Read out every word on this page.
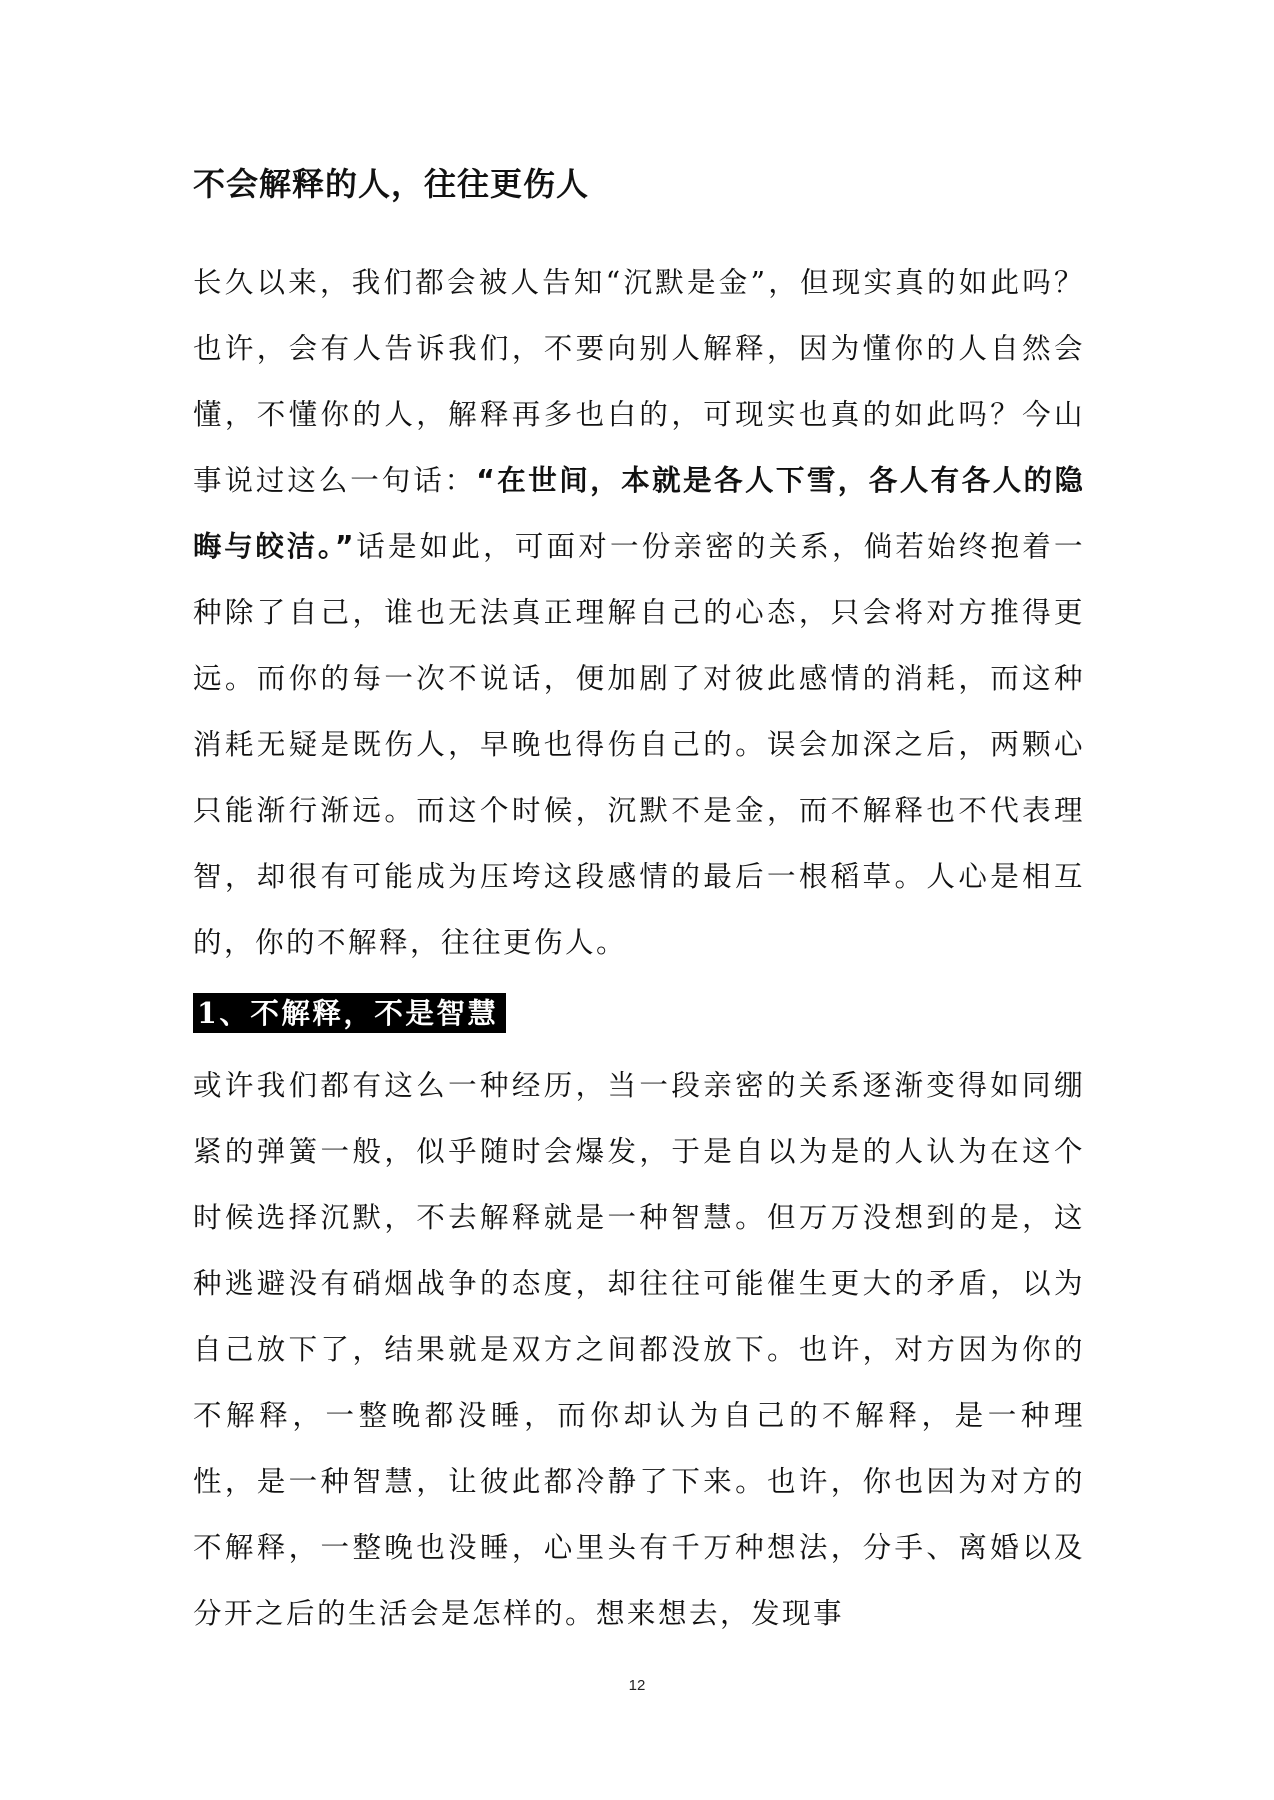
不会解释的人，往往更伤人

长久以来，我们都会被人告知“沉默是金”，但现实真的如此吗？也许，会有人告诉我们，不要向别人解释，因为懂你的人自然会懂，不懂你的人，解释再多也白的，可现实也真的如此吗？今山事说过这么一句话：“在世间，本就是各人下雪，各人有各人的隐晦与皎洁。”话是如此，可面对一份亲密的关系，倘若始终抱着一种除了自己，谁也无法真正理解自己的心态，只会将对方推得更远。而你的每一次不说话，便加剧了对彼此感情的消耗，而这种消耗无疑是既伤人，早晚也得伤自己的。误会加深之后，两颗心只能渐行渐远。而这个时候，沉默不是金，而不解释也不代表理智，却很有可能成为压垮这段感情的最后一根稻草。人心是相互的，你的不解释，往往更伤人。

1、不解释，不是智慧

或许我们都有这么一种经历，当一段亲密的关系逐渐变得如同绷紧的弹簧一般，似乎随时会爆发，于是自以为是的人认为在这个时候选择沉默，不去解释就是一种智慧。但万万没想到的是，这种逃避没有硝烟战争的态度，却往往可能催生更大的矛盾，以为自己放下了，结果就是双方之间都没放下。也许，对方因为你的不解释，一整晚都没睡，而你却认为自己的不解释，是一种理性，是一种智慧，让彼此都冷静了下来。也许，你也因为对方的不解释，一整晚也没睡，心里头有千万种想法，分手、离婚以及分开之后的生活会是怎样的。想来想去，发现事

12
